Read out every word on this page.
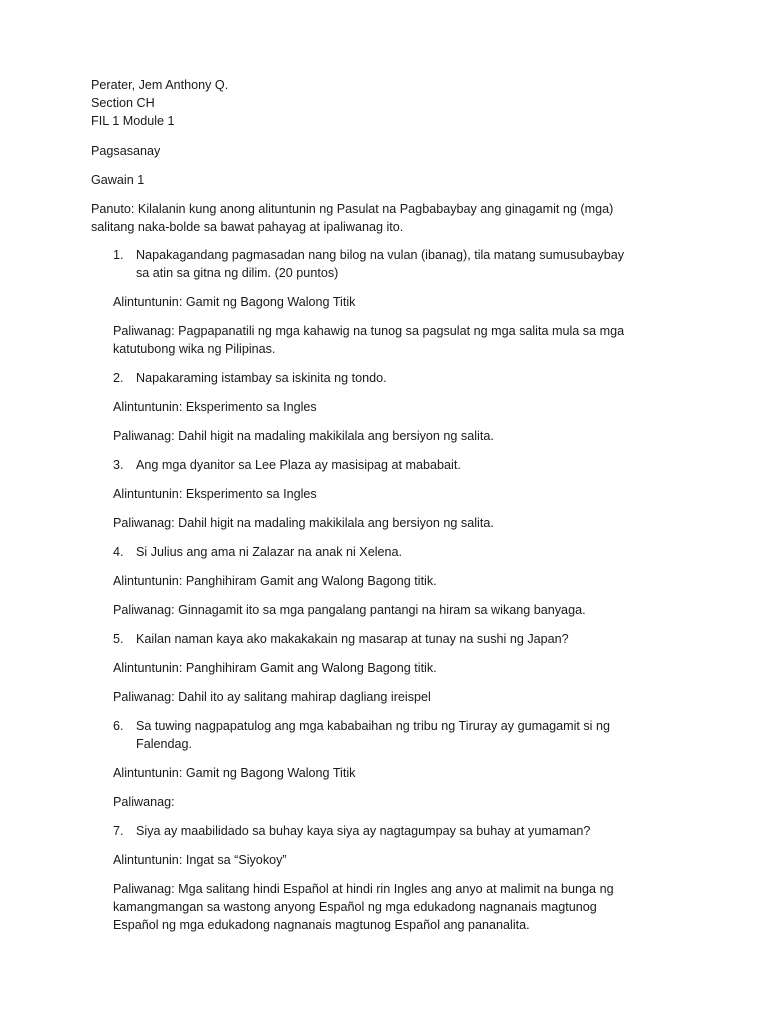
Perater, Jem Anthony Q.
Section CH
FIL 1 Module 1
Pagsasanay
Gawain 1
Panuto: Kilalanin kung anong alituntunin ng Pasulat na Pagbabaybay ang ginagamit ng (mga)
salitang naka-bolde sa bawat pahayag at ipaliwanag ito.
1. Napakagandang pagmasadan nang bilog na vulan (ibanag), tila matang sumusubaybay
sa atin sa gitna ng dilim. (20 puntos)
Alintuntunin: Gamit ng Bagong Walong Titik
Paliwanag: Pagpapanatili ng mga kahawig na tunog sa pagsulat ng mga salita mula sa mga
katutubong wika ng Pilipinas.
2. Napakaraming istambay sa iskinita ng tondo.
Alintuntunin: Eksperimento sa Ingles
Paliwanag: Dahil higit na madaling makikilala ang bersiyon ng salita.
3. Ang mga dyanitor sa Lee Plaza ay masisipag at mababait.
Alintuntunin: Eksperimento sa Ingles
Paliwanag: Dahil higit na madaling makikilala ang bersiyon ng salita.
4. Si Julius ang ama ni Zalazar na anak ni Xelena.
Alintuntunin: Panghihiram Gamit ang Walong Bagong titik.
Paliwanag: Ginnagamit ito sa mga pangalang pantangi na hiram sa wikang banyaga.
5. Kailan naman kaya ako makakakain ng masarap at tunay na sushi ng Japan?
Alintuntunin: Panghihiram Gamit ang Walong Bagong titik.
Paliwanag: Dahil ito ay salitang mahirap dagliang ireispel
6. Sa tuwing nagpapatulog ang mga kababaihan ng tribu ng Tiruray ay gumagamit si ng
Falendag.
Alintuntunin: Gamit ng Bagong Walong Titik
Paliwanag:
7. Siya ay maabilidado sa buhay kaya siya ay nagtagumpay sa buhay at yumaman?
Alintuntunin: Ingat sa “Siyokoy”
Paliwanag: Mga salitang hindi Español at hindi rin Ingles ang anyo at malimit na bunga ng
kamangmangan sa wastong anyong Español ng mga edukadong nagnanais magtunog
Español ng mga edukadong nagnanais magtunog Español ang pananalita.
